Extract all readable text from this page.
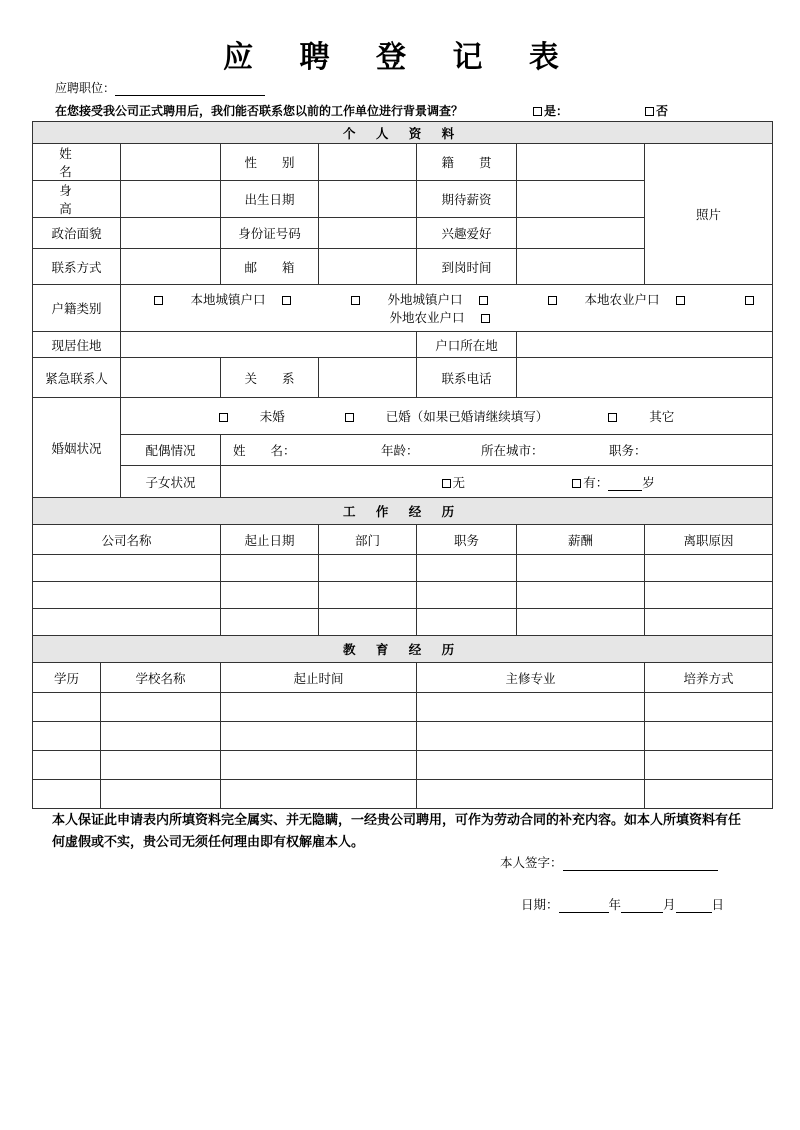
应 聘 登 记 表
应聘职位：
在您接受我公司正式聘用后，我们能否联系您以前的工作单位进行背景调查？	是：	否
个 人 资 料							
姓　名			性　　别		籍　　贯		照片
身　　高			出生日期		期待薪资		
政治面貌			身份证号码		兴趣爱好		
联系方式			邮　　箱		到岗时间		
户籍类别		本地城镇户口 外地城镇户口 本地农业户口 外地农业户口					
现居住地					户口所在地		
紧急联系人			关　　系		联系电话		
婚姻状况		未婚 已婚（如果已婚请继续填写） 其它					
		配偶情况	姓　　名： 年龄： 所在城市： 职务：				
		子女状况	无 有： 岁				
工 作 经 历							
公司名称			起止日期	部门	职务	薪酬	离职原因

教 育 经 历							
学历	学校名称		起止时间		主修专业		培养方式

本人保证此申请表内所填资料完全属实、并无隐瞒，一经贵公司聘用，可作为劳动合同的补充内容。如本人所填资料有任何虚假或不实，贵公司无须任何理由即有权解雇本人。
本人签字：
日期：	年	月	日
